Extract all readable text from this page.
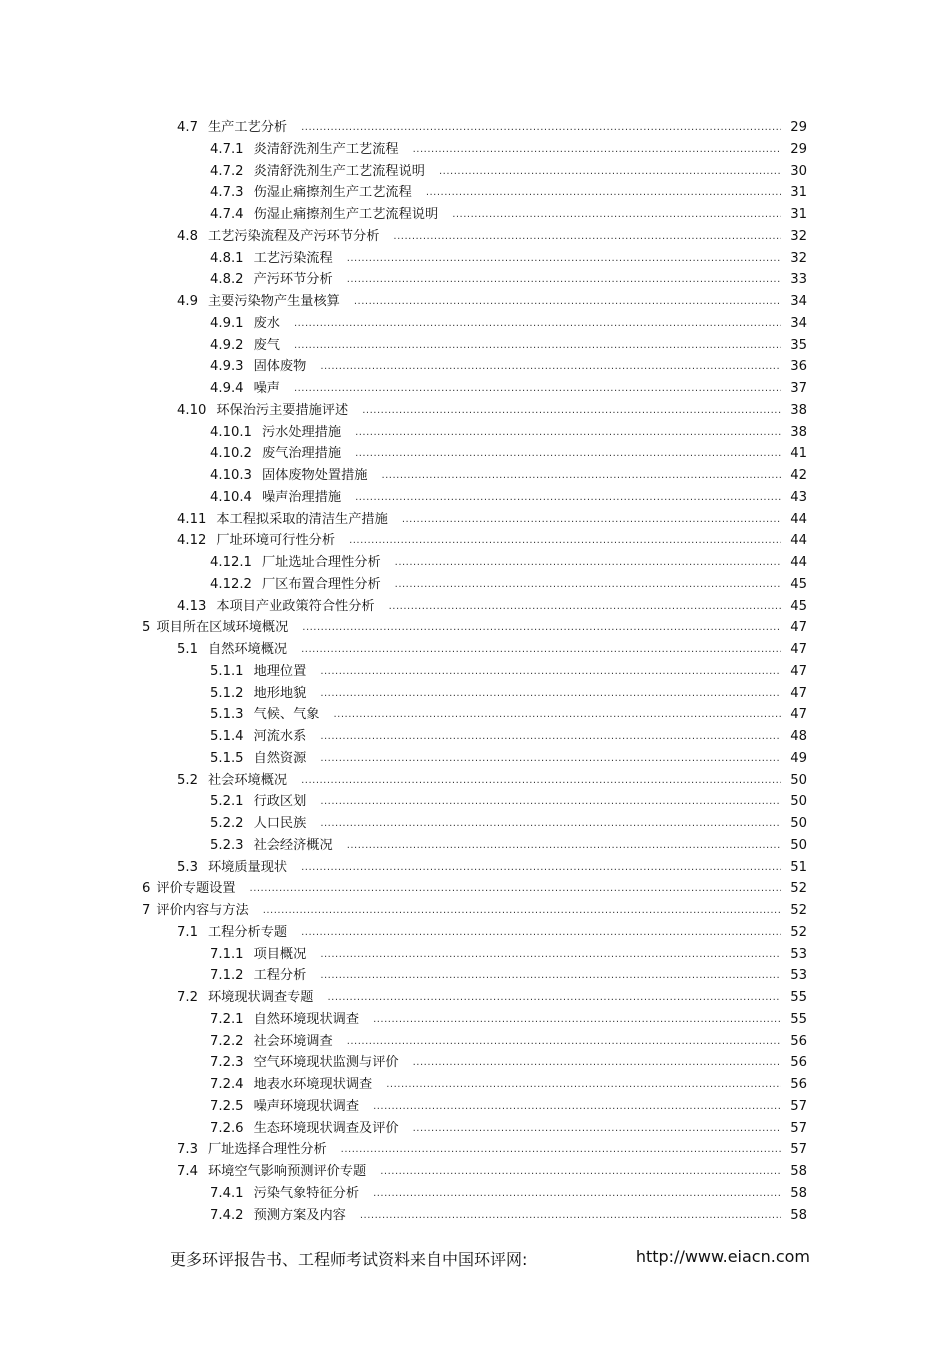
4.7 生产工艺分析 .....	29
4.7.1 炎清舒洗剂生产工艺流程 .....	29
4.7.2 炎清舒洗剂生产工艺流程说明 .....	30
4.7.3 伤湿止痛擦剂生产工艺流程 .....	31
4.7.4 伤湿止痛擦剂生产工艺流程说明 .....	31
4.8 工艺污染流程及产污环节分析 .....	32
4.8.1 工艺污染流程 .....	32
4.8.2 产污环节分析 .....	33
4.9 主要污染物产生量核算 .....	34
4.9.1 废水 .....	34
4.9.2 废气 .....	35
4.9.3 固体废物 .....	36
4.9.4 噪声 .....	37
4.10 环保治污主要措施评述 .....	38
4.10.1 污水处理措施 .....	38
4.10.2 废气治理措施 .....	41
4.10.3 固体废物处置措施 .....	42
4.10.4 噪声治理措施 .....	43
4.11 本工程拟采取的清洁生产措施 .....	44
4.12 厂址环境可行性分析 .....	44
4.12.1 厂址选址合理性分析 .....	44
4.12.2 厂区布置合理性分析 .....	45
4.13 本项目产业政策符合性分析 .....	45
5 项目所在区域环境概况 .....	47
5.1 自然环境概况 .....	47
5.1.1 地理位置 .....	47
5.1.2 地形地貌 .....	47
5.1.3 气候、气象 .....	47
5.1.4 河流水系 .....	48
5.1.5 自然资源 .....	49
5.2 社会环境概况 .....	50
5.2.1 行政区划 .....	50
5.2.2 人口民族 .....	50
5.2.3 社会经济概况 .....	50
5.3 环境质量现状 .....	51
6 评价专题设置 .....	52
7 评价内容与方法 .....	52
7.1 工程分析专题 .....	52
7.1.1 项目概况 .....	53
7.1.2 工程分析 .....	53
7.2 环境现状调查专题 .....	55
7.2.1 自然环境现状调查 .....	55
7.2.2 社会环境调查 .....	56
7.2.3 空气环境现状监测与评价 .....	56
7.2.4 地表水环境现状调查 .....	56
7.2.5 噪声环境现状调查 .....	57
7.2.6 生态环境现状调查及评价 .....	57
7.3 厂址选择合理性分析 .....	57
7.4 环境空气影响预测评价专题 .....	58
7.4.1 污染气象特征分析 .....	58
7.4.2 预测方案及内容 .....	58
更多环评报告书、工程师考试资料来自中国环评网:	http://www.eiacn.com
